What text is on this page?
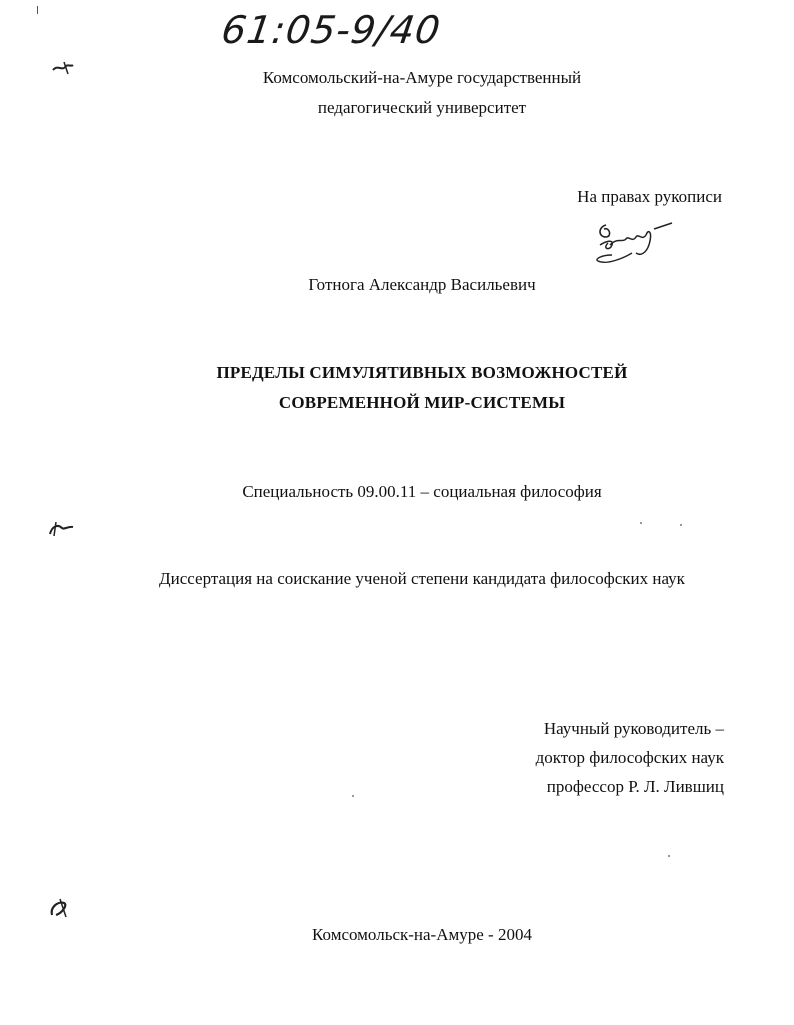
61:05-9/40
Комсомольский-на-Амуре государственный
педагогический университет
На правах рукописи
Готнога Александр Васильевич
ПРЕДЕЛЫ СИМУЛЯТИВНЫХ ВОЗМОЖНОСТЕЙ
СОВРЕМЕННОЙ МИР-СИСТЕМЫ
Специальность 09.00.11 – социальная философия
Диссертация на соискание ученой степени кандидата философских наук
Научный руководитель –
доктор философских наук
профессор Р. Л. Лившиц
Комсомольск-на-Амуре - 2004
